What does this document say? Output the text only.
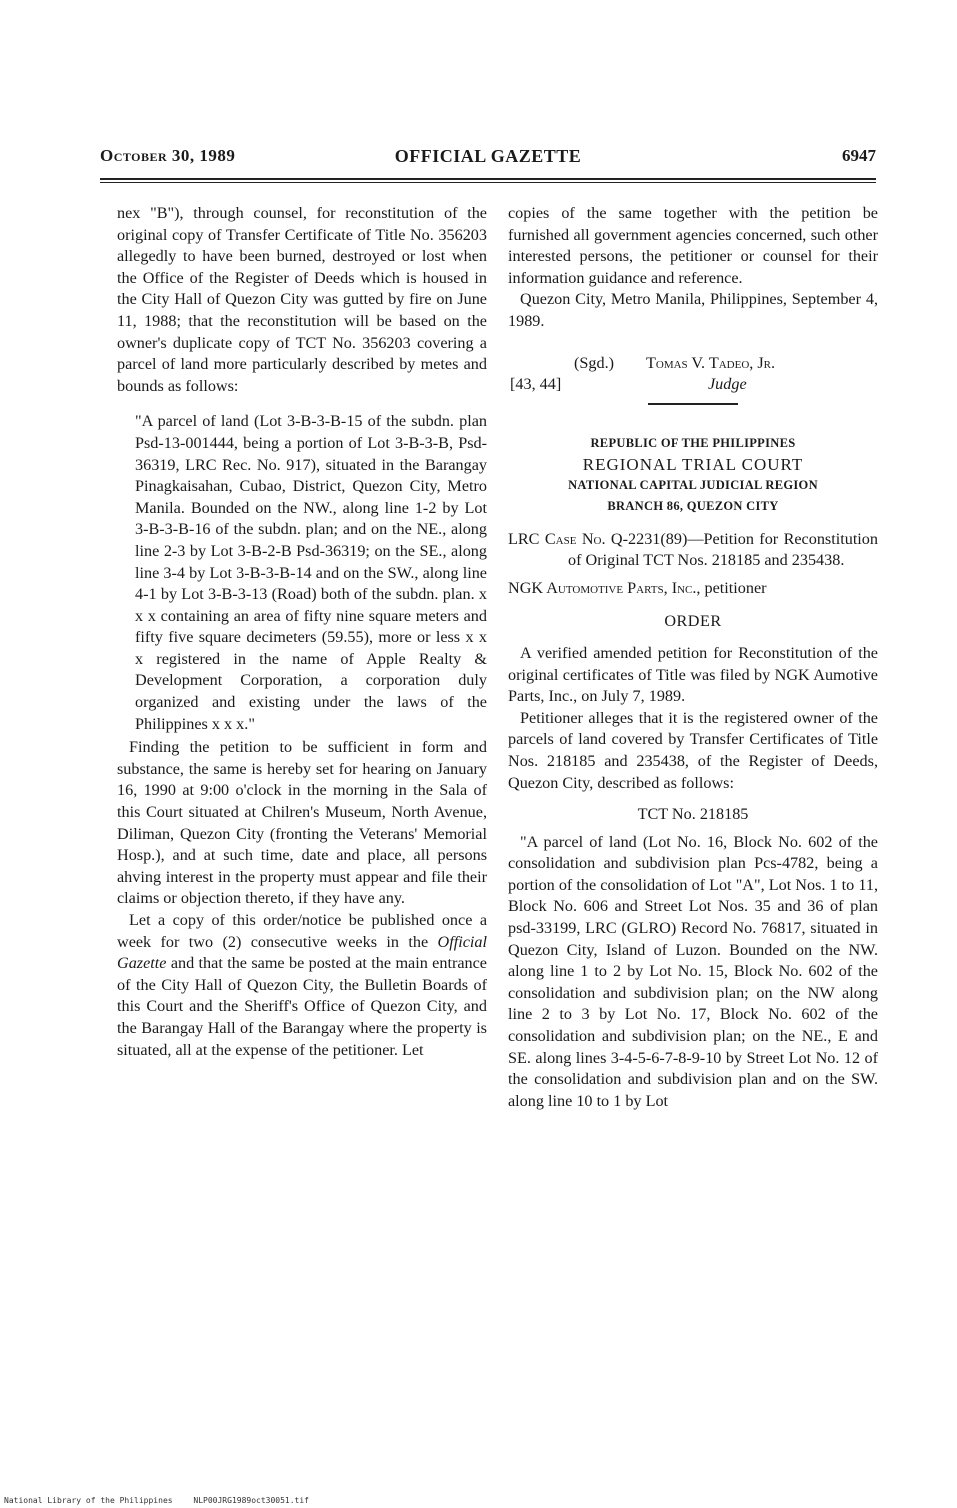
October 30, 1989	OFFICIAL GAZETTE	6947

nex "B"), through counsel, for reconstitution of the original copy of Transfer Certificate of Title No. 356203 allegedly to have been burned, destroyed or lost when the Office of the Register of Deeds which is housed in the City Hall of Quezon City was gutted by fire on June 11, 1988; that the reconstitution will be based on the owner's duplicate copy of TCT No. 356203 covering a parcel of land more particularly described by metes and bounds as follows:

"A parcel of land (Lot 3-B-3-B-15 of the subdn. plan Psd-13-001444, being a portion of Lot 3-B-3-B, Psd-36319, LRC Rec. No. 917), situated in the Barangay Pinagkaisahan, Cubao, District, Quezon City, Metro Manila. Bounded on the NW., along line 1-2 by Lot 3-B-3-B-16 of the subdn. plan; and on the NE., along line 2-3 by Lot 3-B-2-B Psd-36319; on the SE., along line 3-4 by Lot 3-B-3-B-14 and on the SW., along line 4-1 by Lot 3-B-3-13 (Road) both of the subdn. plan. x x x containing an area of fifty nine square meters and fifty five square decimeters (59.55), more or less x x x registered in the name of Apple Realty & Development Corporation, a corporation duly organized and existing under the laws of the Philippines x x x."

Finding the petition to be sufficient in form and substance, the same is hereby set for hearing on January 16, 1990 at 9:00 o'clock in the morning in the Sala of this Court situated at Chilren's Museum, North Avenue, Diliman, Quezon City (fronting the Veterans' Memorial Hosp.), and at such time, date and place, all persons ahving interest in the property must appear and file their claims or objection thereto, if they have any.

Let a copy of this order/notice be published once a week for two (2) consecutive weeks in the Official Gazette and that the same be posted at the main entrance of the City Hall of Quezon City, the Bulletin Boards of this Court and the Sheriff's Office of Quezon City, and the Barangay Hall of the Barangay where the property is situated, all at the expense of the petitioner. Let

copies of the same together with the petition be furnished all government agencies concerned, such other interested persons, the petitioner or counsel for their information guidance and reference.

Quezon City, Metro Manila, Philippines, September 4, 1989.

(Sgd.) Tomas V. Tadeo, Jr.
[43, 44]	Judge
REPUBLIC OF THE PHILIPPINES
REGIONAL TRIAL COURT
NATIONAL CAPITAL JUDICIAL REGION
BRANCH 86, QUEZON CITY

LRC Case No. Q-2231(89)—Petition for Reconstitution of Original TCT Nos. 218185 and 235438.

NGK Automotive Parts, Inc., petitioner

ORDER

A verified amended petition for Reconstitution of the original certificates of Title was filed by NGK Aumotive Parts, Inc., on July 7, 1989.

Petitioner alleges that it is the registered owner of the parcels of land covered by Transfer Certificates of Title Nos. 218185 and 235438, of the Register of Deeds, Quezon City, described as follows:

TCT No. 218185

"A parcel of land (Lot No. 16, Block No. 602 of the consolidation and subdivision plan Pcs-4782, being a portion of the consolidation of Lot "A", Lot Nos. 1 to 11, Block No. 606 and Street Lot Nos. 35 and 36 of plan psd-33199, LRC (GLRO) Record No. 76817, situated in Quezon City, Island of Luzon. Bounded on the NW. along line 1 to 2 by Lot No. 15, Block No. 602 of the consolidation and subdivision plan; on the NW along line 2 to 3 by Lot No. 17, Block No. 602 of the consolidation and subdivision plan; on the NE., E and SE. along lines 3-4-5-6-7-8-9-10 by Street Lot No. 12 of the consolidation and subdivision plan and on the SW. along line 10 to 1 by Lot

National Library of the Philippines	NLP00JRG1989oct30051.tif
